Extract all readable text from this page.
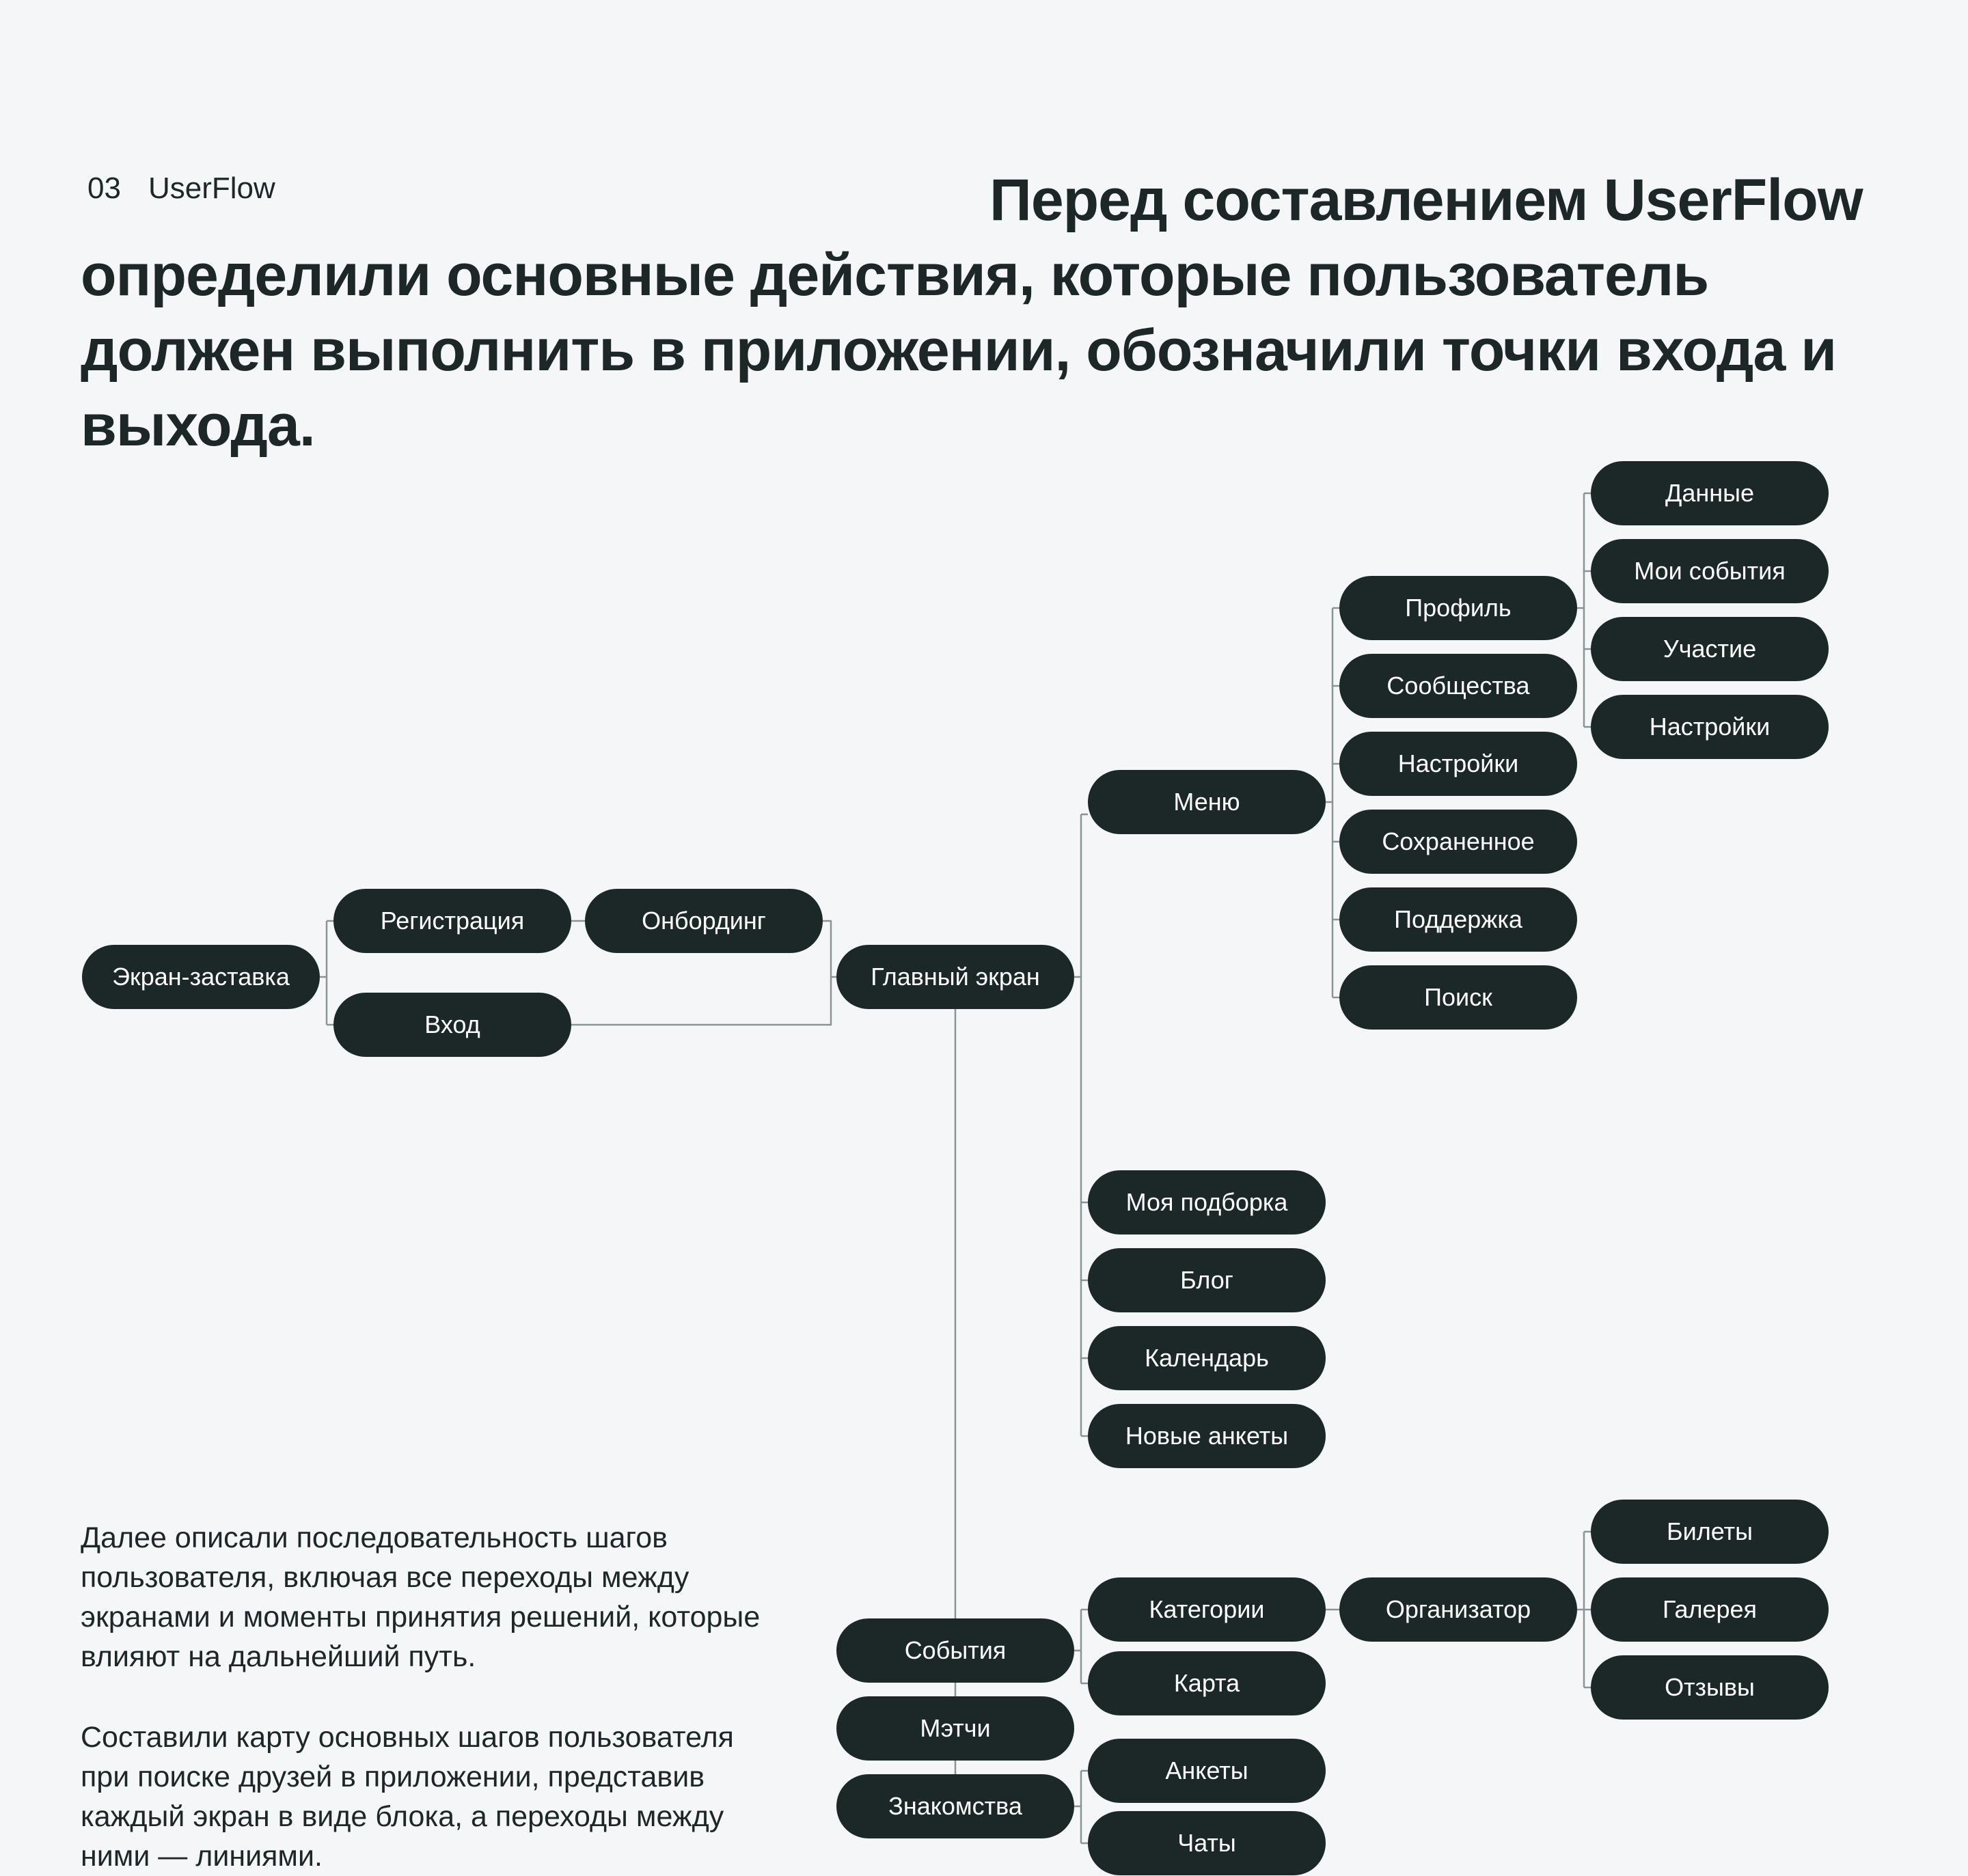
03 UserFlow	Перед составлением UserFlow определили основные действия, которые пользователь должен выполнить в приложении, обозначили точки входа и выхода.

Далее описали последовательность шагов пользователя, включая все переходы между экранами и моменты принятия решений, которые влияют на дальнейший путь.

Составили карту основных шагов пользователя при поиске друзей в приложении, представив каждый экран в виде блока, а переходы между ними — линиями.

Экран-заставка
Регистрация
Вход
Онбординг
Главный экран
Меню
Профиль
Сообщества
Настройки
Сохраненное
Поддержка
Поиск
Данные
Мои события
Участие
Настройки
Моя подборка
Блог
Календарь
Новые анкеты
События
Мэтчи
Знакомства
Категории
Карта
Организатор
Билеты
Галерея
Отзывы
Анкеты
Чаты
